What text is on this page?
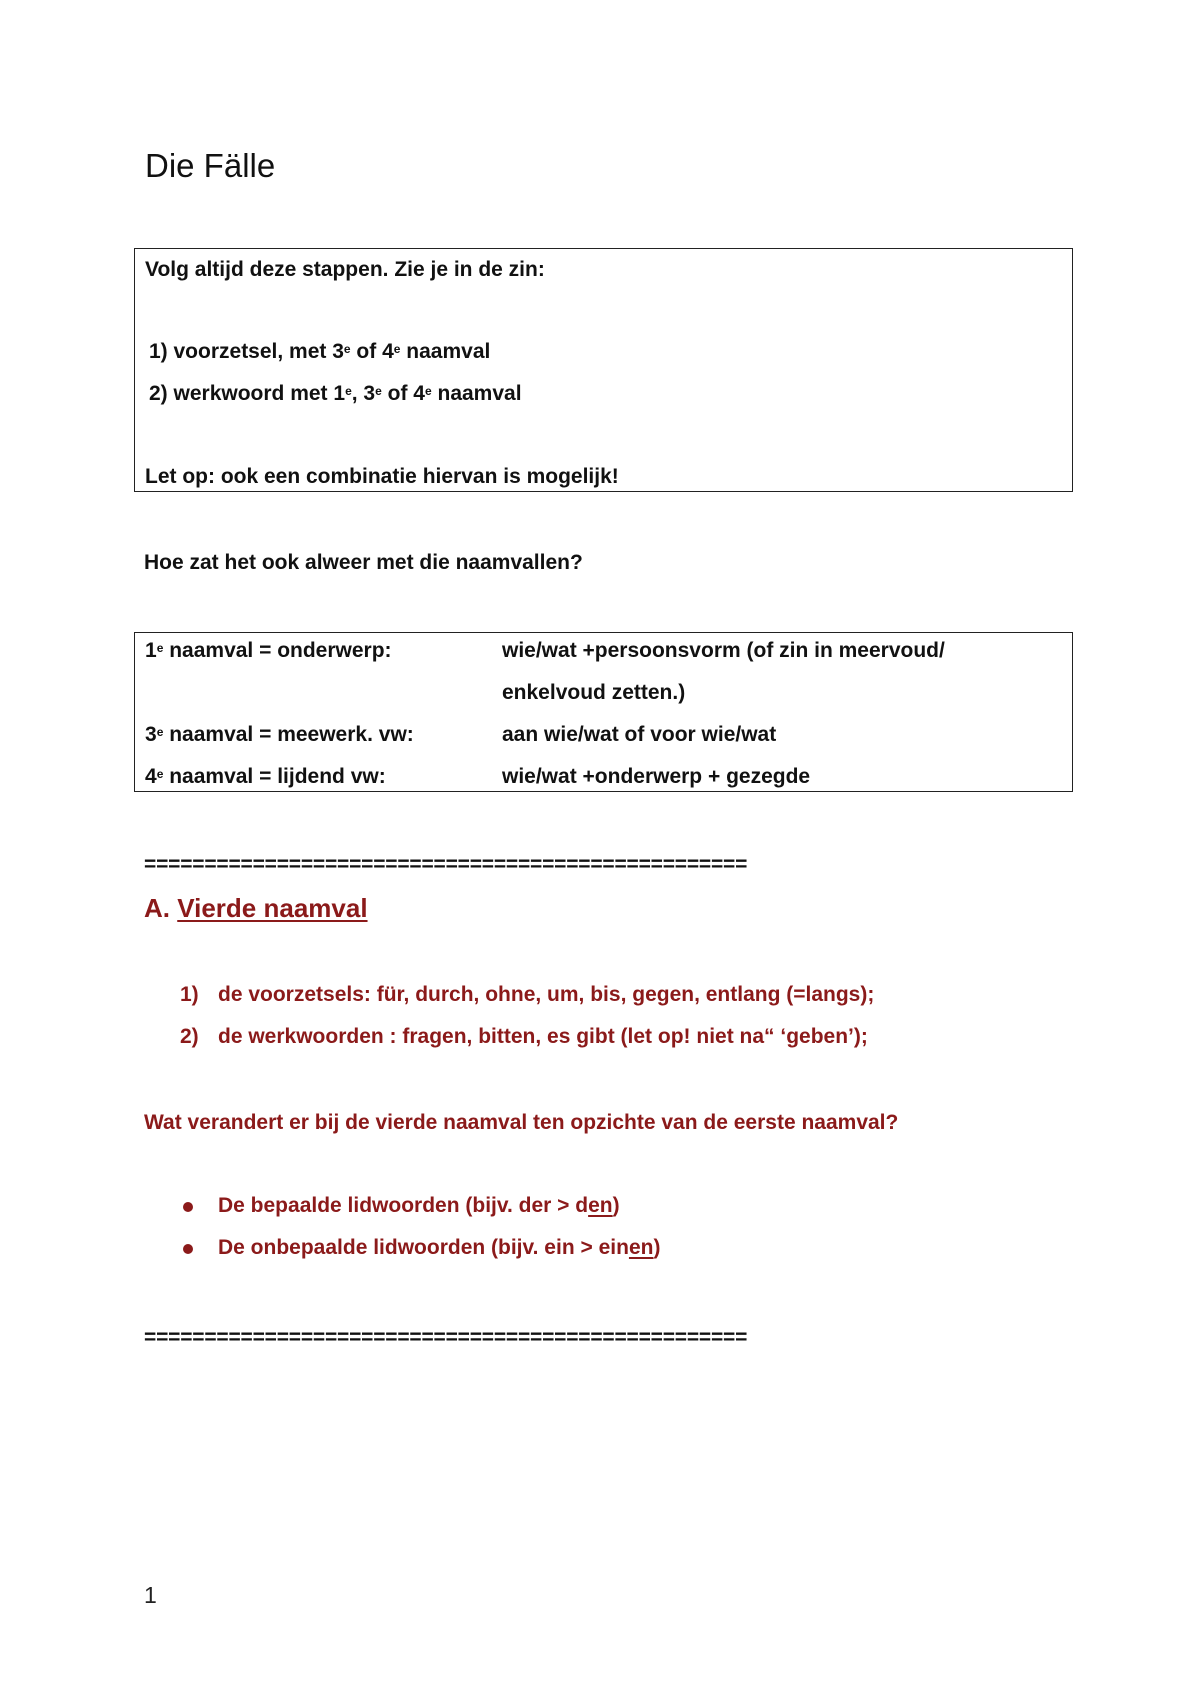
Die Fälle
Volg altijd deze stappen. Zie je in de zin:
1) voorzetsel, met 3e of 4e naamval
2) werkwoord met 1e, 3e of 4e naamval
Let op: ook een combinatie hiervan is mogelijk!
Hoe zat het ook alweer met die naamvallen?
1e naamval = onderwerp:	wie/wat +persoonsvorm (of zin in meervoud/
enkelvoud zetten.)
3e naamval = meewerk. vw:	aan wie/wat of voor wie/wat
4e naamval = lijdend vw:	wie/wat +onderwerp + gezegde
==================================================
A. Vierde naamval
1) de voorzetsels: für, durch, ohne, um, bis, gegen, entlang (=langs);
2) de werkwoorden : fragen, bitten, es gibt (let op! niet na“ ‘geben’);
Wat verandert er bij de vierde naamval ten opzichte van de eerste naamval?
De bepaalde lidwoorden (bijv. der > den)
De onbepaalde lidwoorden (bijv. ein > einen)
==================================================
1
